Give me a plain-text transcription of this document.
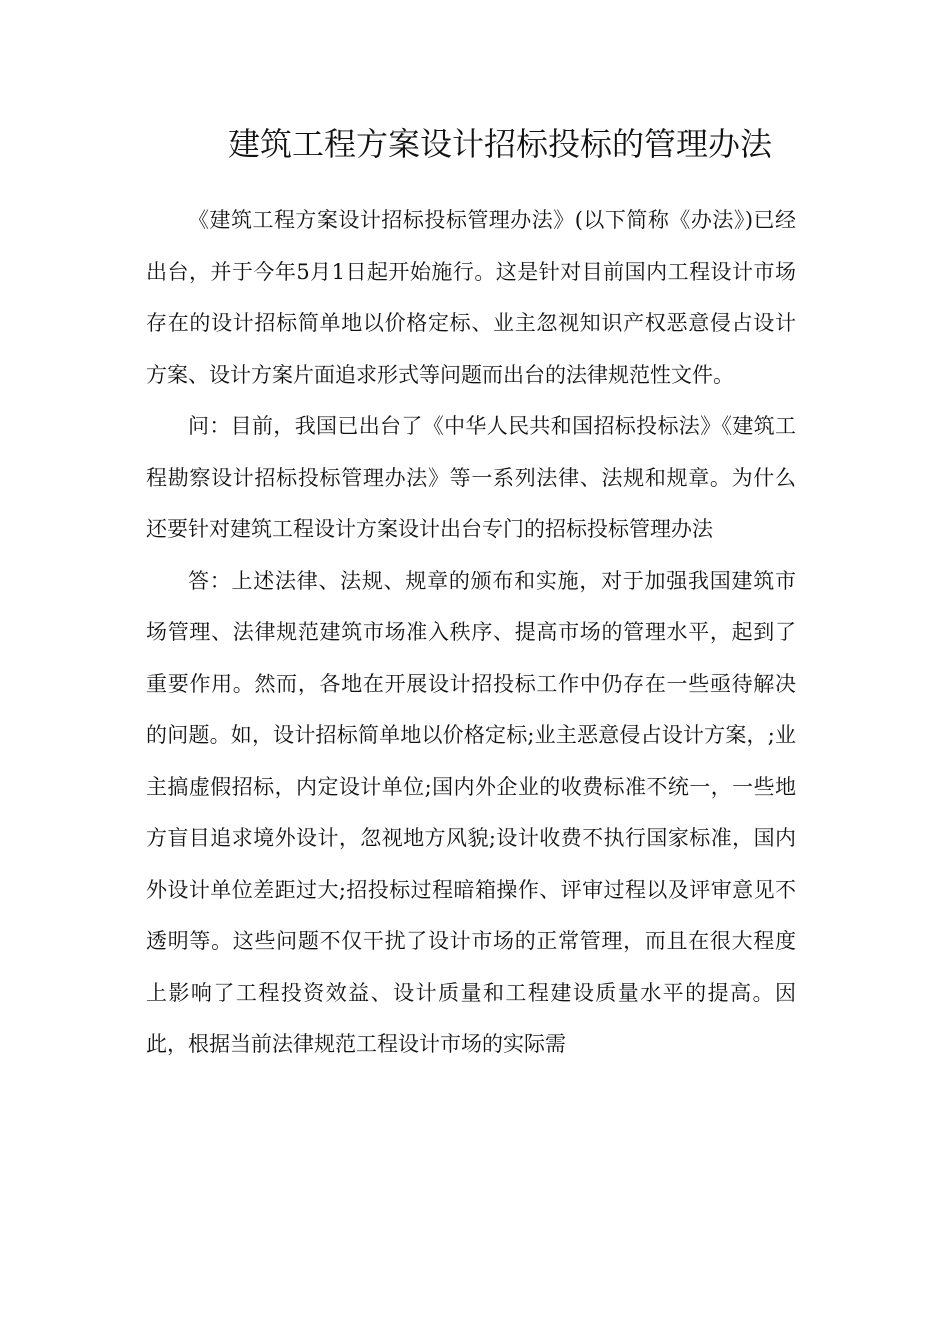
建筑工程方案设计招标投标的管理办法

《建筑工程方案设计招标投标管理办法》(以下简称《办法》)已经出台，并于今年5月1日起开始施行。这是针对目前国内工程设计市场存在的设计招标简单地以价格定标、业主忽视知识产权恶意侵占设计方案、设计方案片面追求形式等问题而出台的法律规范性文件。

问：目前，我国已出台了《中华人民共和国招标投标法》《建筑工程勘察设计招标投标管理办法》等一系列法律、法规和规章。为什么还要针对建筑工程设计方案设计出台专门的招标投标管理办法

答：上述法律、法规、规章的颁布和实施，对于加强我国建筑市场管理、法律规范建筑市场准入秩序、提高市场的管理水平，起到了重要作用。然而，各地在开展设计招投标工作中仍存在一些亟待解决的问题。如，设计招标简单地以价格定标;业主恶意侵占设计方案，;业主搞虚假招标，内定设计单位;国内外企业的收费标准不统一，一些地方盲目追求境外设计，忽视地方风貌;设计收费不执行国家标准，国内外设计单位差距过大;招投标过程暗箱操作、评审过程以及评审意见不透明等。这些问题不仅干扰了设计市场的正常管理，而且在很大程度上影响了工程投资效益、设计质量和工程建设质量水平的提高。因此，根据当前法律规范工程设计市场的实际需
